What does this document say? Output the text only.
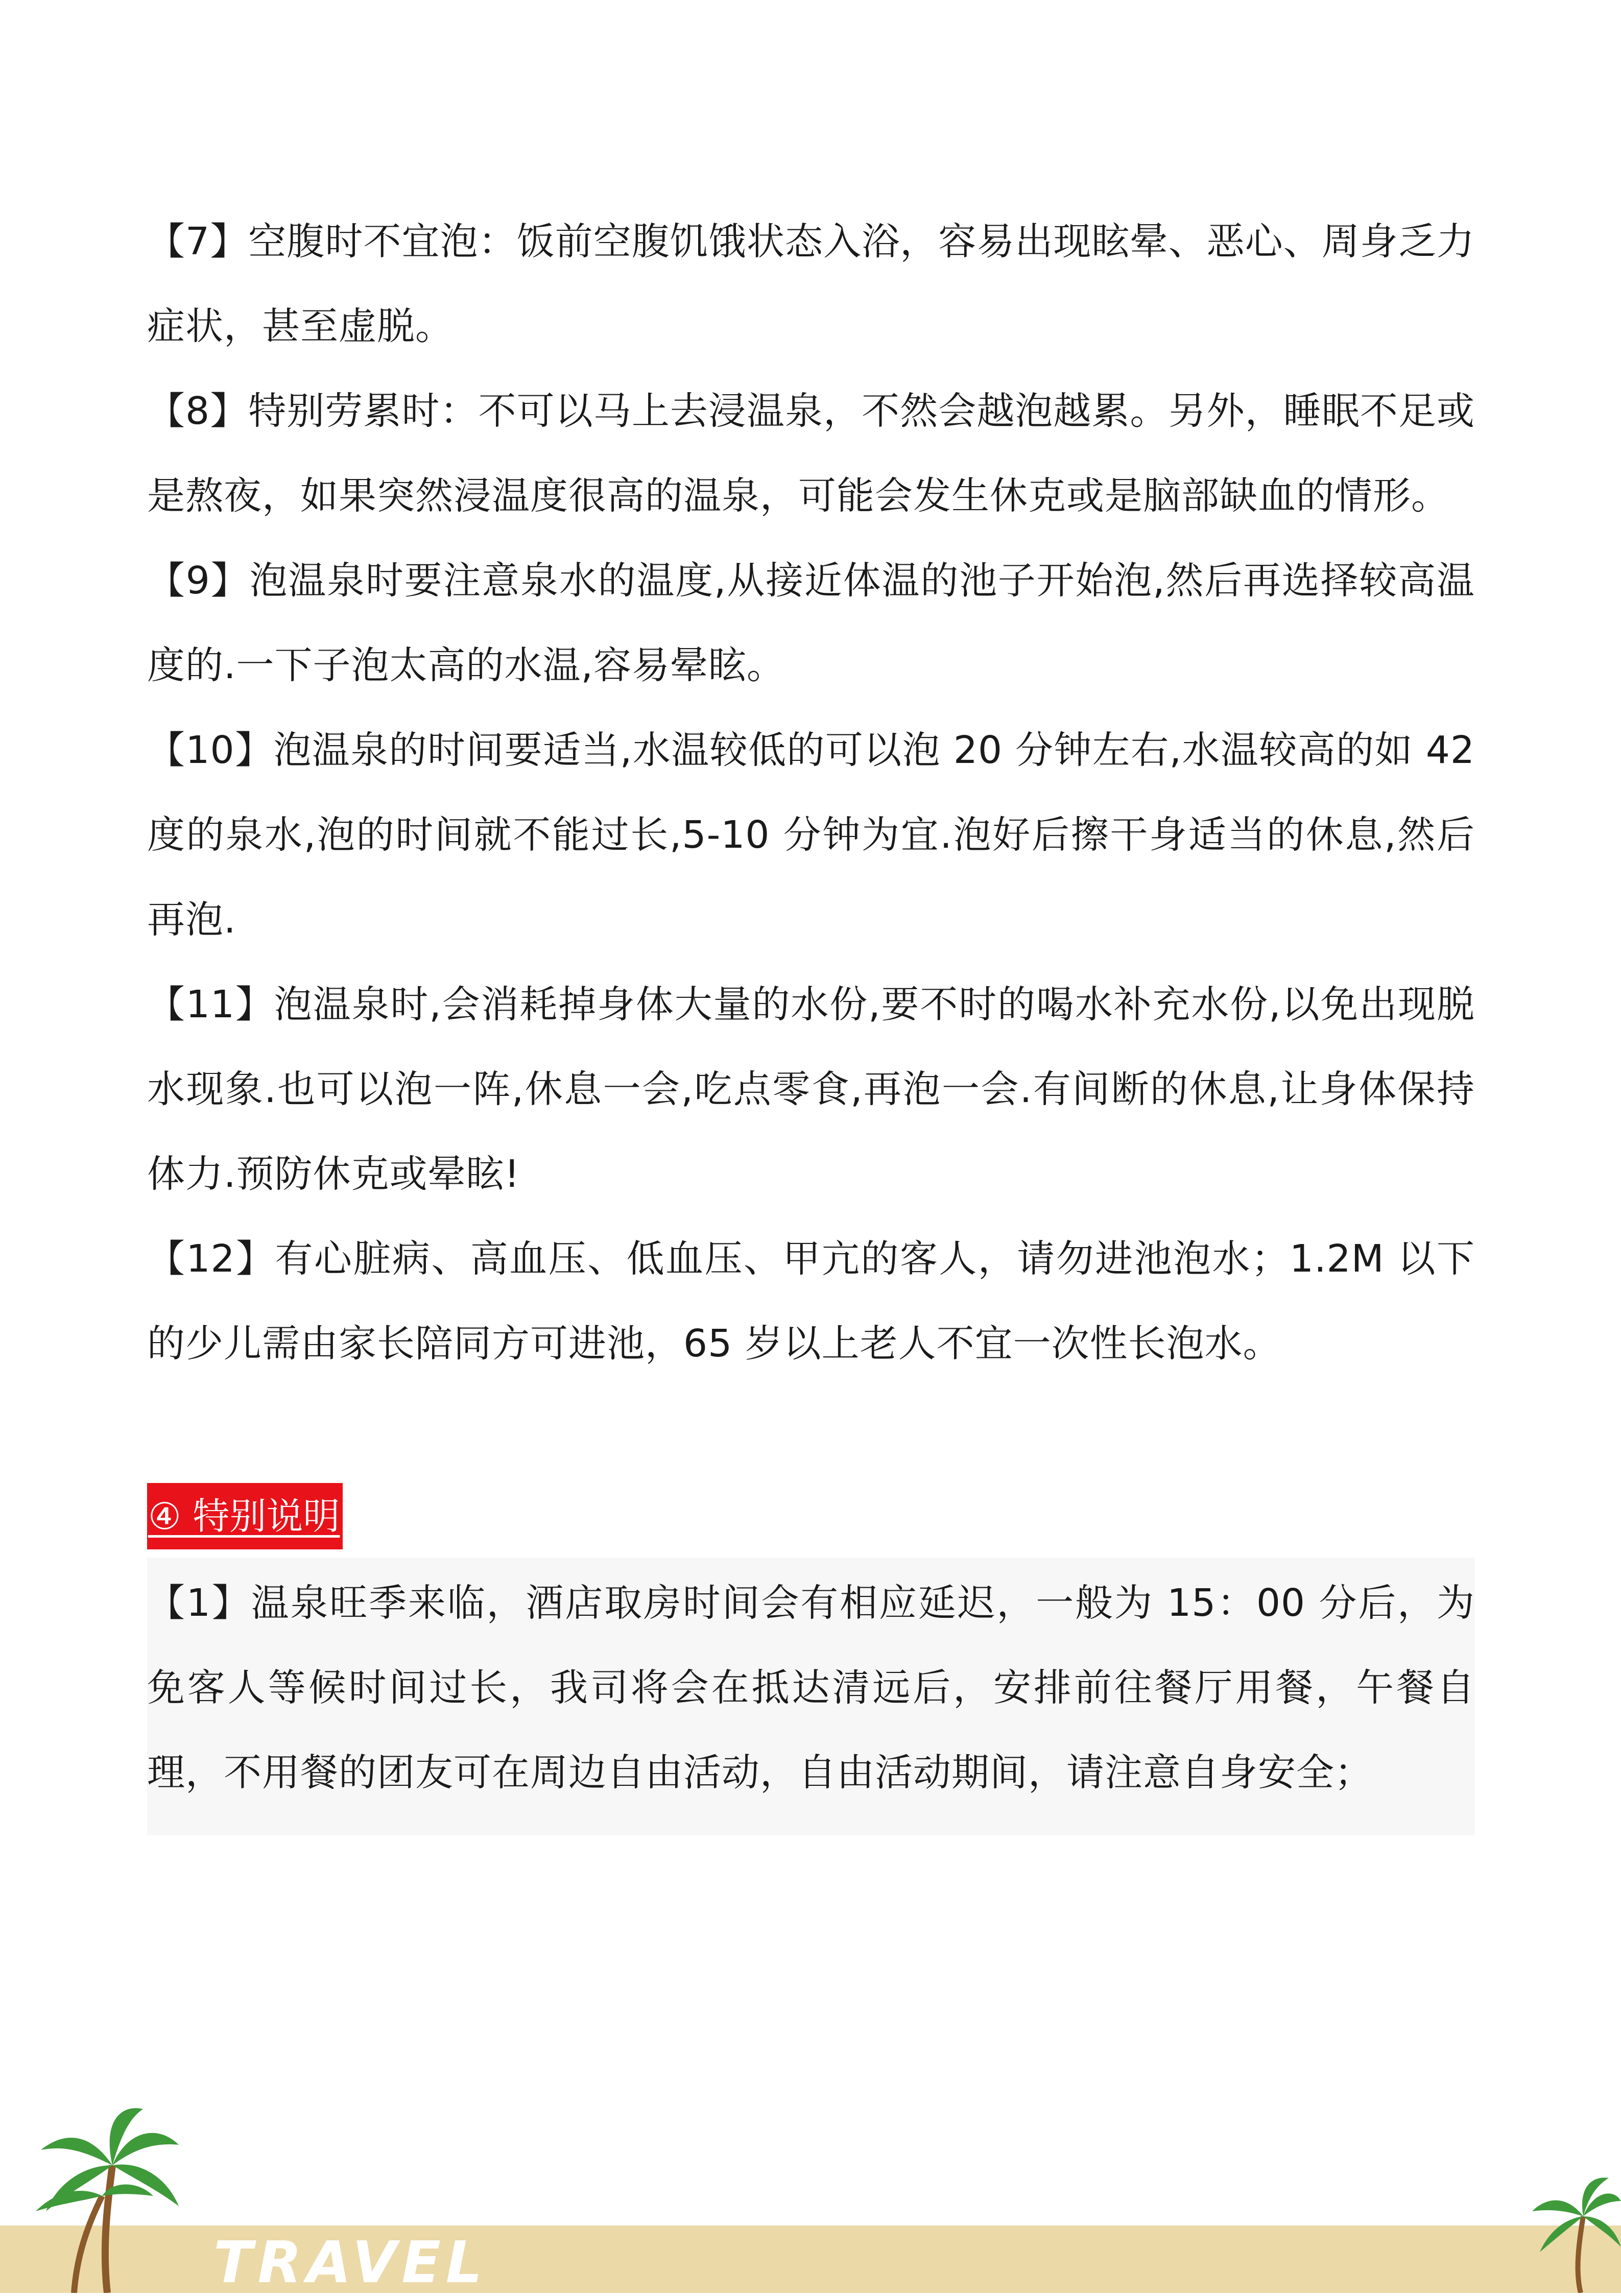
【7】空腹时不宜泡：饭前空腹饥饿状态入浴，容易出现眩晕、恶心、周身乏力症状，甚至虚脱。

【8】特别劳累时：不可以马上去浸温泉，不然会越泡越累。另外，睡眠不足或是熬夜，如果突然浸温度很高的温泉，可能会发生休克或是脑部缺血的情形。

【9】泡温泉时要注意泉水的温度,从接近体温的池子开始泡,然后再选择较高温度的.一下子泡太高的水温,容易晕眩。

【10】泡温泉的时间要适当,水温较低的可以泡 20 分钟左右,水温较高的如 42 度的泉水,泡的时间就不能过长,5-10 分钟为宜.泡好后擦干身适当的休息,然后再泡.

【11】泡温泉时,会消耗掉身体大量的水份,要不时的喝水补充水份,以免出现脱水现象.也可以泡一阵,休息一会,吃点零食,再泡一会.有间断的休息,让身体保持体力.预防休克或晕眩!

【12】有心脏病、高血压、低血压、甲亢的客人，请勿进池泡水；1.2M 以下的少儿需由家长陪同方可进池，65 岁以上老人不宜一次性长泡水。

④ 特别说明

【1】温泉旺季来临，酒店取房时间会有相应延迟，一般为 15：00 分后，为免客人等候时间过长，我司将会在抵达清远后，安排前往餐厅用餐，午餐自理，不用餐的团友可在周边自由活动，自由活动期间，请注意自身安全；

TRAVEL
